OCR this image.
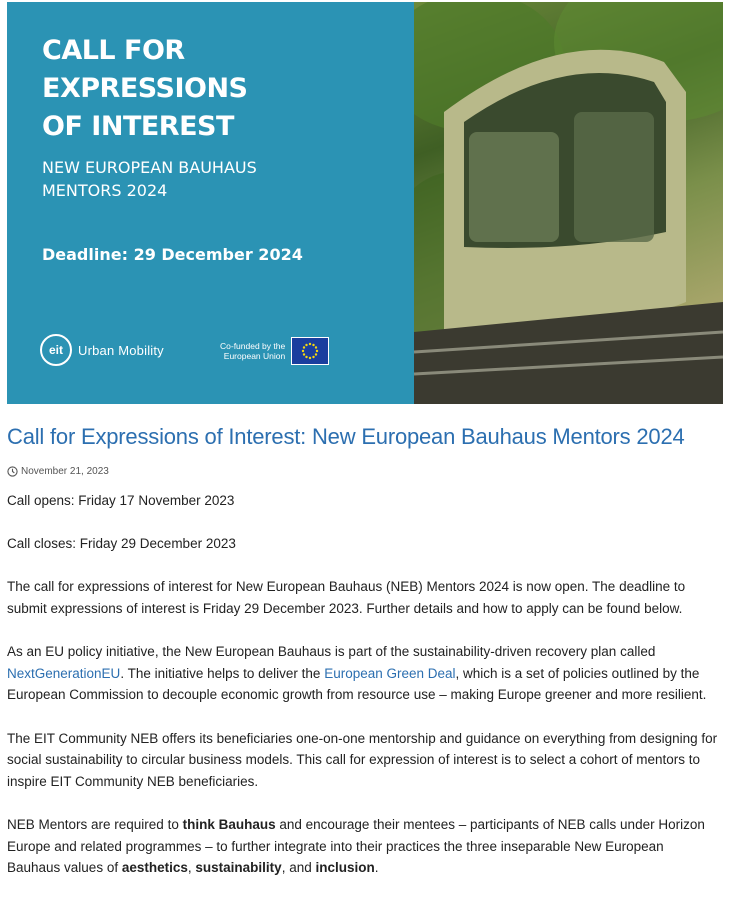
CALL FOR
EXPRESSIONS
OF INTEREST
NEW EUROPEAN BAUHAUS
MENTORS 2024
Deadline: 29 December 2024
eit	Urban Mobility	Co-funded by the
European Union
Call for Expressions of Interest: New European Bauhaus Mentors 2024
November 21, 2023

Call opens: Friday 17 November 2023

Call closes: Friday 29 December 2023

The call for expressions of interest for New European Bauhaus (NEB) Mentors 2024 is now open. The deadline to submit expressions of interest is Friday 29 December 2023. Further details and how to apply can be found below.

As an EU policy initiative, the New European Bauhaus is part of the sustainability-driven recovery plan called NextGenerationEU. The initiative helps to deliver the European Green Deal, which is a set of policies outlined by the European Commission to decouple economic growth from resource use – making Europe greener and more resilient.

The EIT Community NEB offers its beneficiaries one-on-one mentorship and guidance on everything from designing for social sustainability to circular business models. This call for expression of interest is to select a cohort of mentors to inspire EIT Community NEB beneficiaries.

NEB Mentors are required to think Bauhaus and encourage their mentees – participants of NEB calls under Horizon Europe and related programmes – to further integrate into their practices the three inseparable New European Bauhaus values of aesthetics, sustainability, and inclusion.
